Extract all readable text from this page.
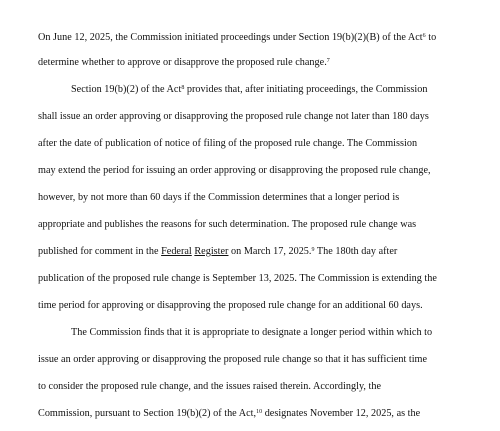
On June 12, 2025, the Commission initiated proceedings under Section 19(b)(2)(B) of the Act$^6$ to
determine whether to approve or disapprove the proposed rule change.$^7$
Section 19(b)(2) of the Act$^8$ provides that, after initiating proceedings, the Commission
shall issue an order approving or disapproving the proposed rule change not later than 180 days
after the date of publication of notice of filing of the proposed rule change. The Commission
may extend the period for issuing an order approving or disapproving the proposed rule change,
however, by not more than 60 days if the Commission determines that a longer period is
appropriate and publishes the reasons for such determination. The proposed rule change was
published for comment in the Federal Register on March 17, 2025.$^9$ The 180th day after
publication of the proposed rule change is September 13, 2025. The Commission is extending the
time period for approving or disapproving the proposed rule change for an additional 60 days.
The Commission finds that it is appropriate to designate a longer period within which to
issue an order approving or disapproving the proposed rule change so that it has sufficient time
to consider the proposed rule change, and the issues raised therein. Accordingly, the
Commission, pursuant to Section 19(b)(2) of the Act,$^{10}$ designates November 12, 2025, as the
